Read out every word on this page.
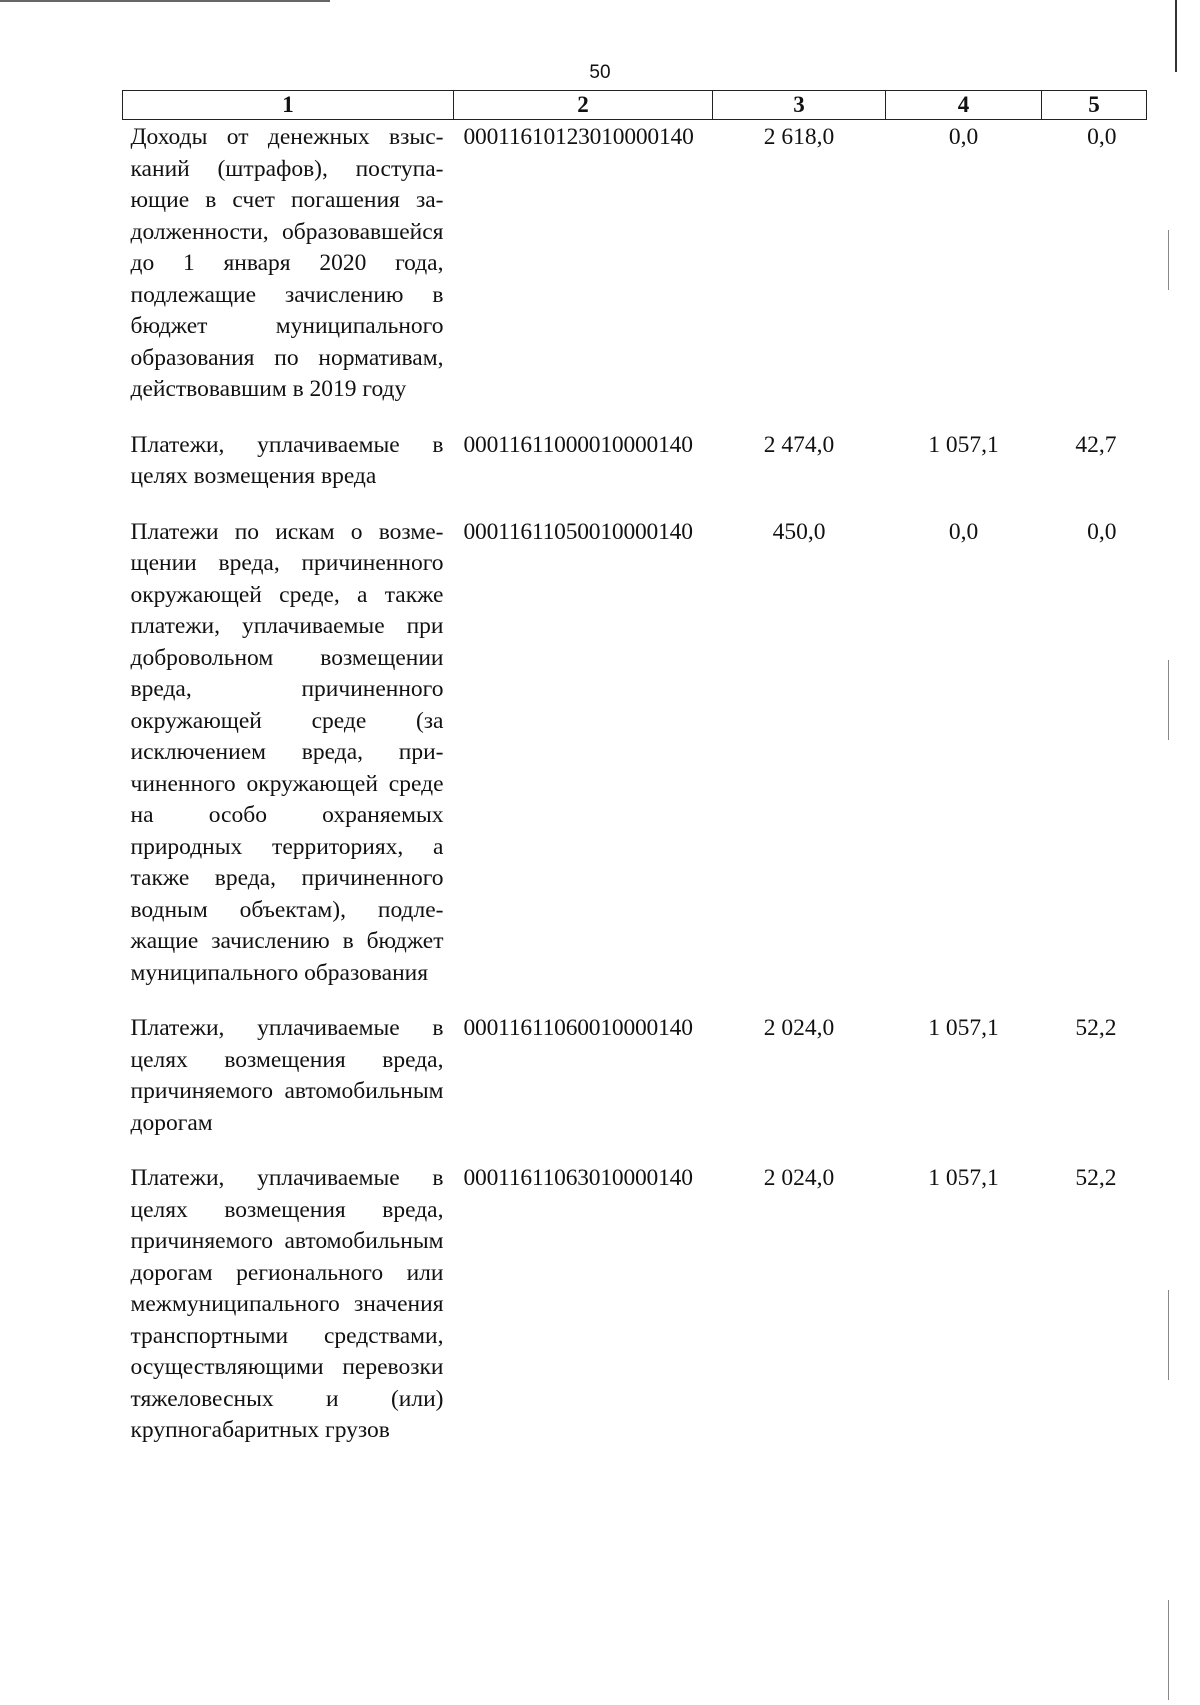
50
1	2	3	4	5
Доходы от денежных взысканий (штрафов), поступающие в счет погашения задолженности, образовавшейся до 1 января 2020 года, подлежащие зачислению в бюджет муниципального образования по нормативам, действовавшим в 2019 году	00011610123010000140	2 618,0	0,0	0,0
Платежи, уплачиваемые в целях возмещения вреда	00011611000010000140	2 474,0	1 057,1	42,7
Платежи по искам о возмещении вреда, причиненного окружающей среде, а также платежи, уплачиваемые при добровольном возмещении вреда, причиненного окружающей среде (за исключением вреда, причиненного окружающей среде на особо охраняемых природных территориях, а также вреда, причиненного водным объектам), подлежащие зачислению в бюджет муниципального образования	00011611050010000140	450,0	0,0	0,0
Платежи, уплачиваемые в целях возмещения вреда, причиняемого автомобильным дорогам	00011611060010000140	2 024,0	1 057,1	52,2
Платежи, уплачиваемые в целях возмещения вреда, причиняемого автомобильным дорогам регионального или межмуниципального значения транспортными средствами, осуществляющими перевозки тяжеловесных и (или) крупногабаритных грузов	00011611063010000140	2 024,0	1 057,1	52,2
